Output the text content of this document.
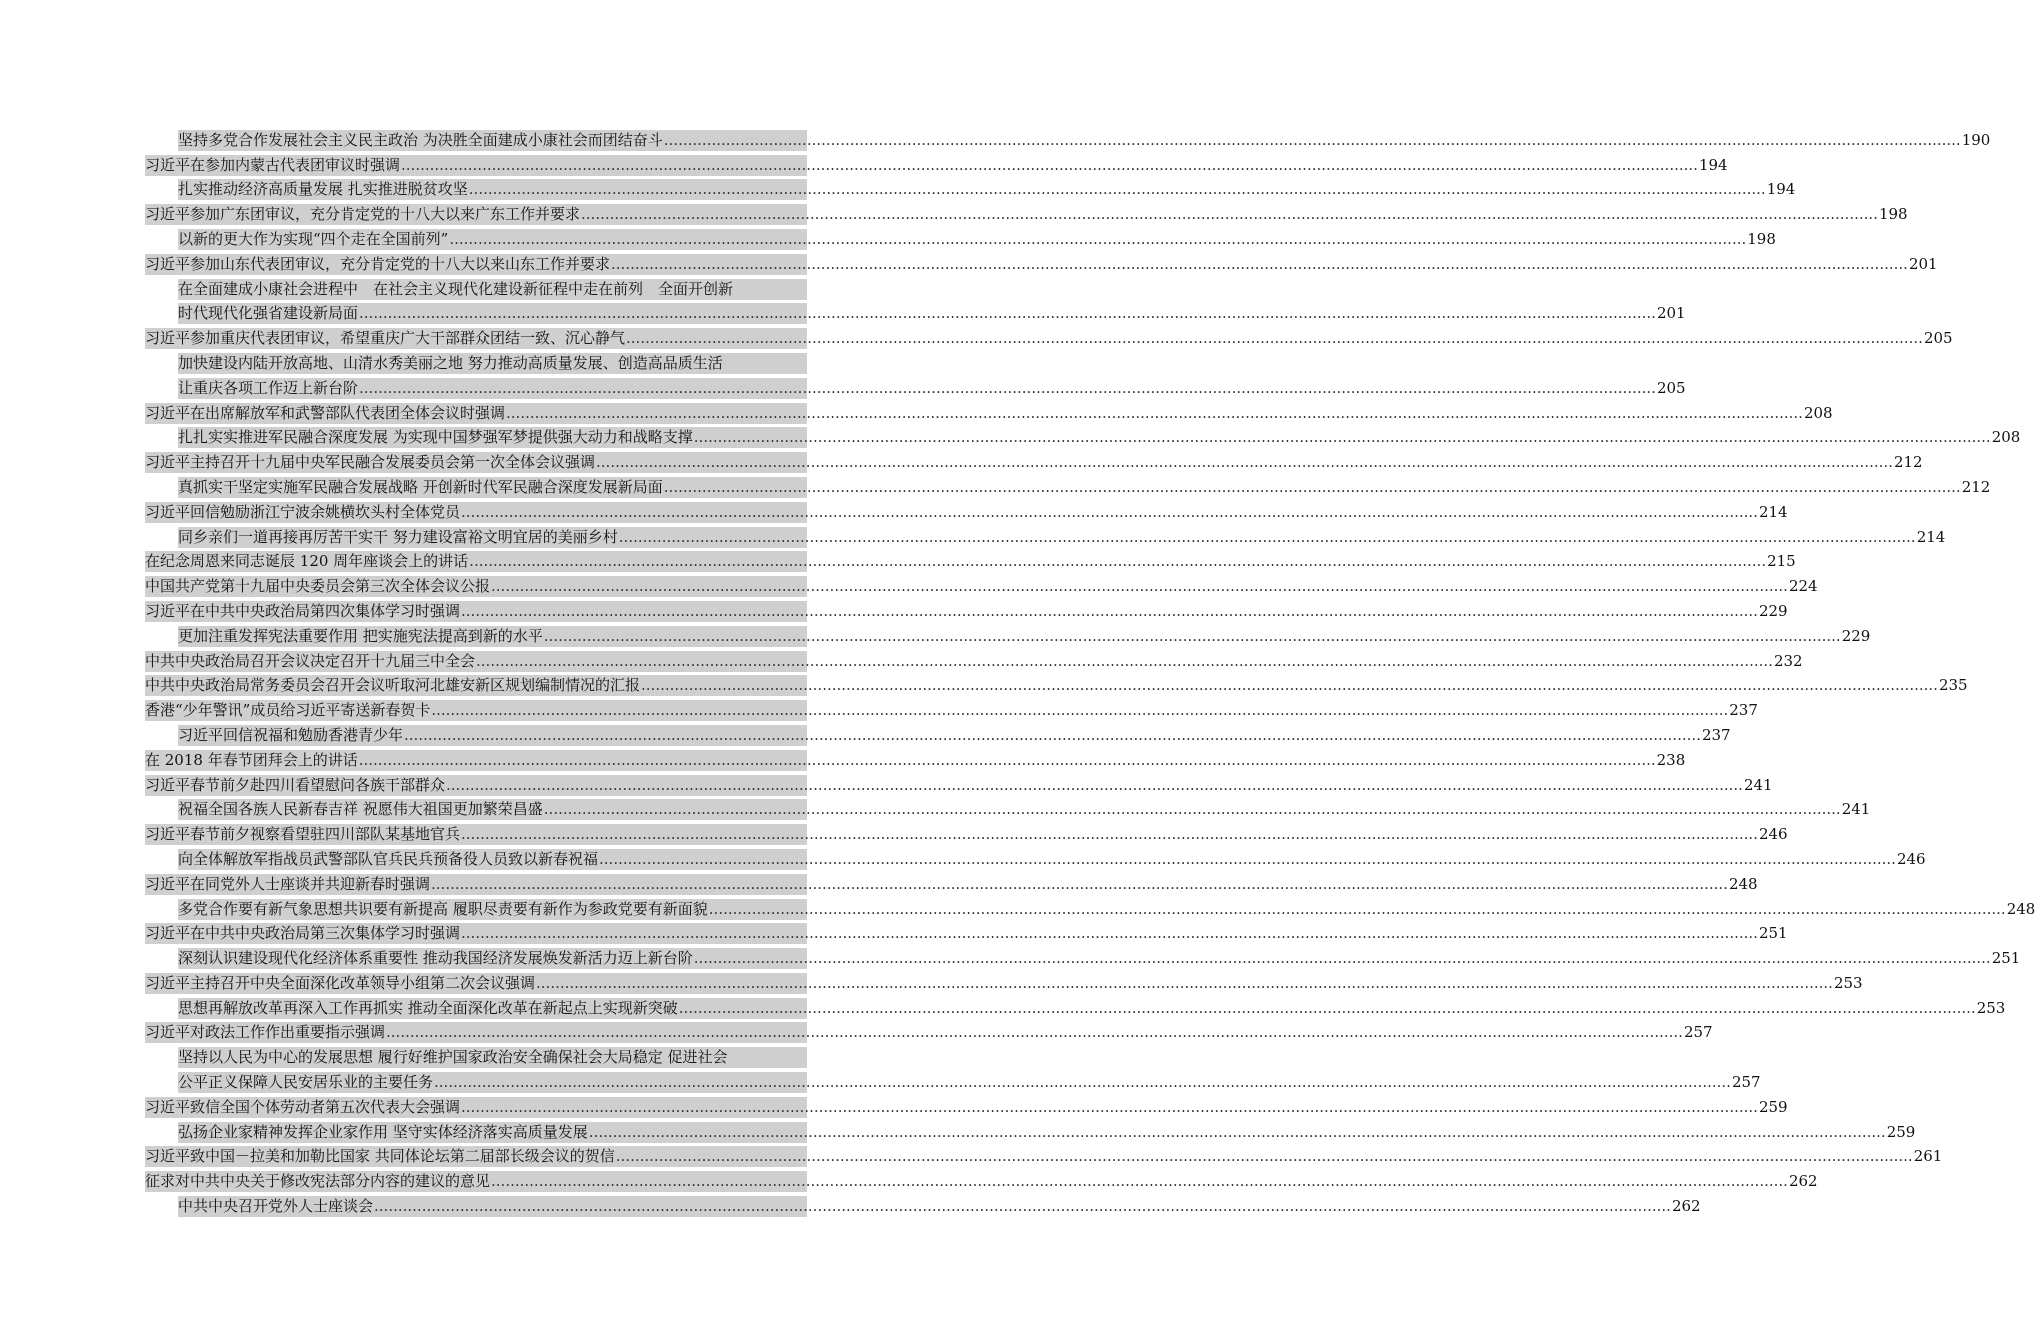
坚持多党合作发展社会主义民主政治 为决胜全面建成小康社会而团结奋斗 .....	190
习近平在参加内蒙古代表团审议时强调 .....	194
扎实推动经济高质量发展 扎实推进脱贫攻坚 .....	194
习近平参加广东团审议，充分肯定党的十八大以来广东工作并要求 .....	198
以新的更大作为实现“四个走在全国前列” .....	198
习近平参加山东代表团审议，充分肯定党的十八大以来山东工作并要求 .....	201
在全面建成小康社会进程中　在社会主义现代化建设新征程中走在前列　全面开创新
时代现代化强省建设新局面 .....	201
习近平参加重庆代表团审议，希望重庆广大干部群众团结一致、沉心静气 .....	205
加快建设内陆开放高地、山清水秀美丽之地 努力推动高质量发展、创造高品质生活
让重庆各项工作迈上新台阶 .....	205
习近平在出席解放军和武警部队代表团全体会议时强调 .....	208
扎扎实实推进军民融合深度发展 为实现中国梦强军梦提供强大动力和战略支撑 .....	208
习近平主持召开十九届中央军民融合发展委员会第一次全体会议强调 .....	212
真抓实干坚定实施军民融合发展战略 开创新时代军民融合深度发展新局面 .....	212
习近平回信勉励浙江宁波余姚横坎头村全体党员 .....	214
同乡亲们一道再接再厉苦干实干 努力建设富裕文明宜居的美丽乡村 .....	214
在纪念周恩来同志诞辰 120 周年座谈会上的讲话 .....	215
中国共产党第十九届中央委员会第三次全体会议公报 .....	224
习近平在中共中央政治局第四次集体学习时强调 .....	229
更加注重发挥宪法重要作用 把实施宪法提高到新的水平 .....	229
中共中央政治局召开会议决定召开十九届三中全会 .....	232
中共中央政治局常务委员会召开会议听取河北雄安新区规划编制情况的汇报 .....	235
香港“少年警讯”成员给习近平寄送新春贺卡 .....	237
习近平回信祝福和勉励香港青少年 .....	237
在 2018 年春节团拜会上的讲话 .....	238
习近平春节前夕赴四川看望慰问各族干部群众 .....	241
祝福全国各族人民新春吉祥 祝愿伟大祖国更加繁荣昌盛 .....	241
习近平春节前夕视察看望驻四川部队某基地官兵 .....	246
向全体解放军指战员武警部队官兵民兵预备役人员致以新春祝福 .....	246
习近平在同党外人士座谈并共迎新春时强调 .....	248
多党合作要有新气象思想共识要有新提高 履职尽责要有新作为参政党要有新面貌 .....	248
习近平在中共中央政治局第三次集体学习时强调 .....	251
深刻认识建设现代化经济体系重要性 推动我国经济发展焕发新活力迈上新台阶 .....	251
习近平主持召开中央全面深化改革领导小组第二次会议强调 .....	253
思想再解放改革再深入工作再抓实 推动全面深化改革在新起点上实现新突破 .....	253
习近平对政法工作作出重要指示强调 .....	257
坚持以人民为中心的发展思想 履行好维护国家政治安全确保社会大局稳定 促进社会
公平正义保障人民安居乐业的主要任务 .....	257
习近平致信全国个体劳动者第五次代表大会强调 .....	259
弘扬企业家精神发挥企业家作用 坚守实体经济落实高质量发展 .....	259
习近平致中国－拉美和加勒比国家 共同体论坛第二届部长级会议的贺信 .....	261
征求对中共中央关于修改宪法部分内容的建议的意见 .....	262
中共中央召开党外人士座谈会 .....	262
